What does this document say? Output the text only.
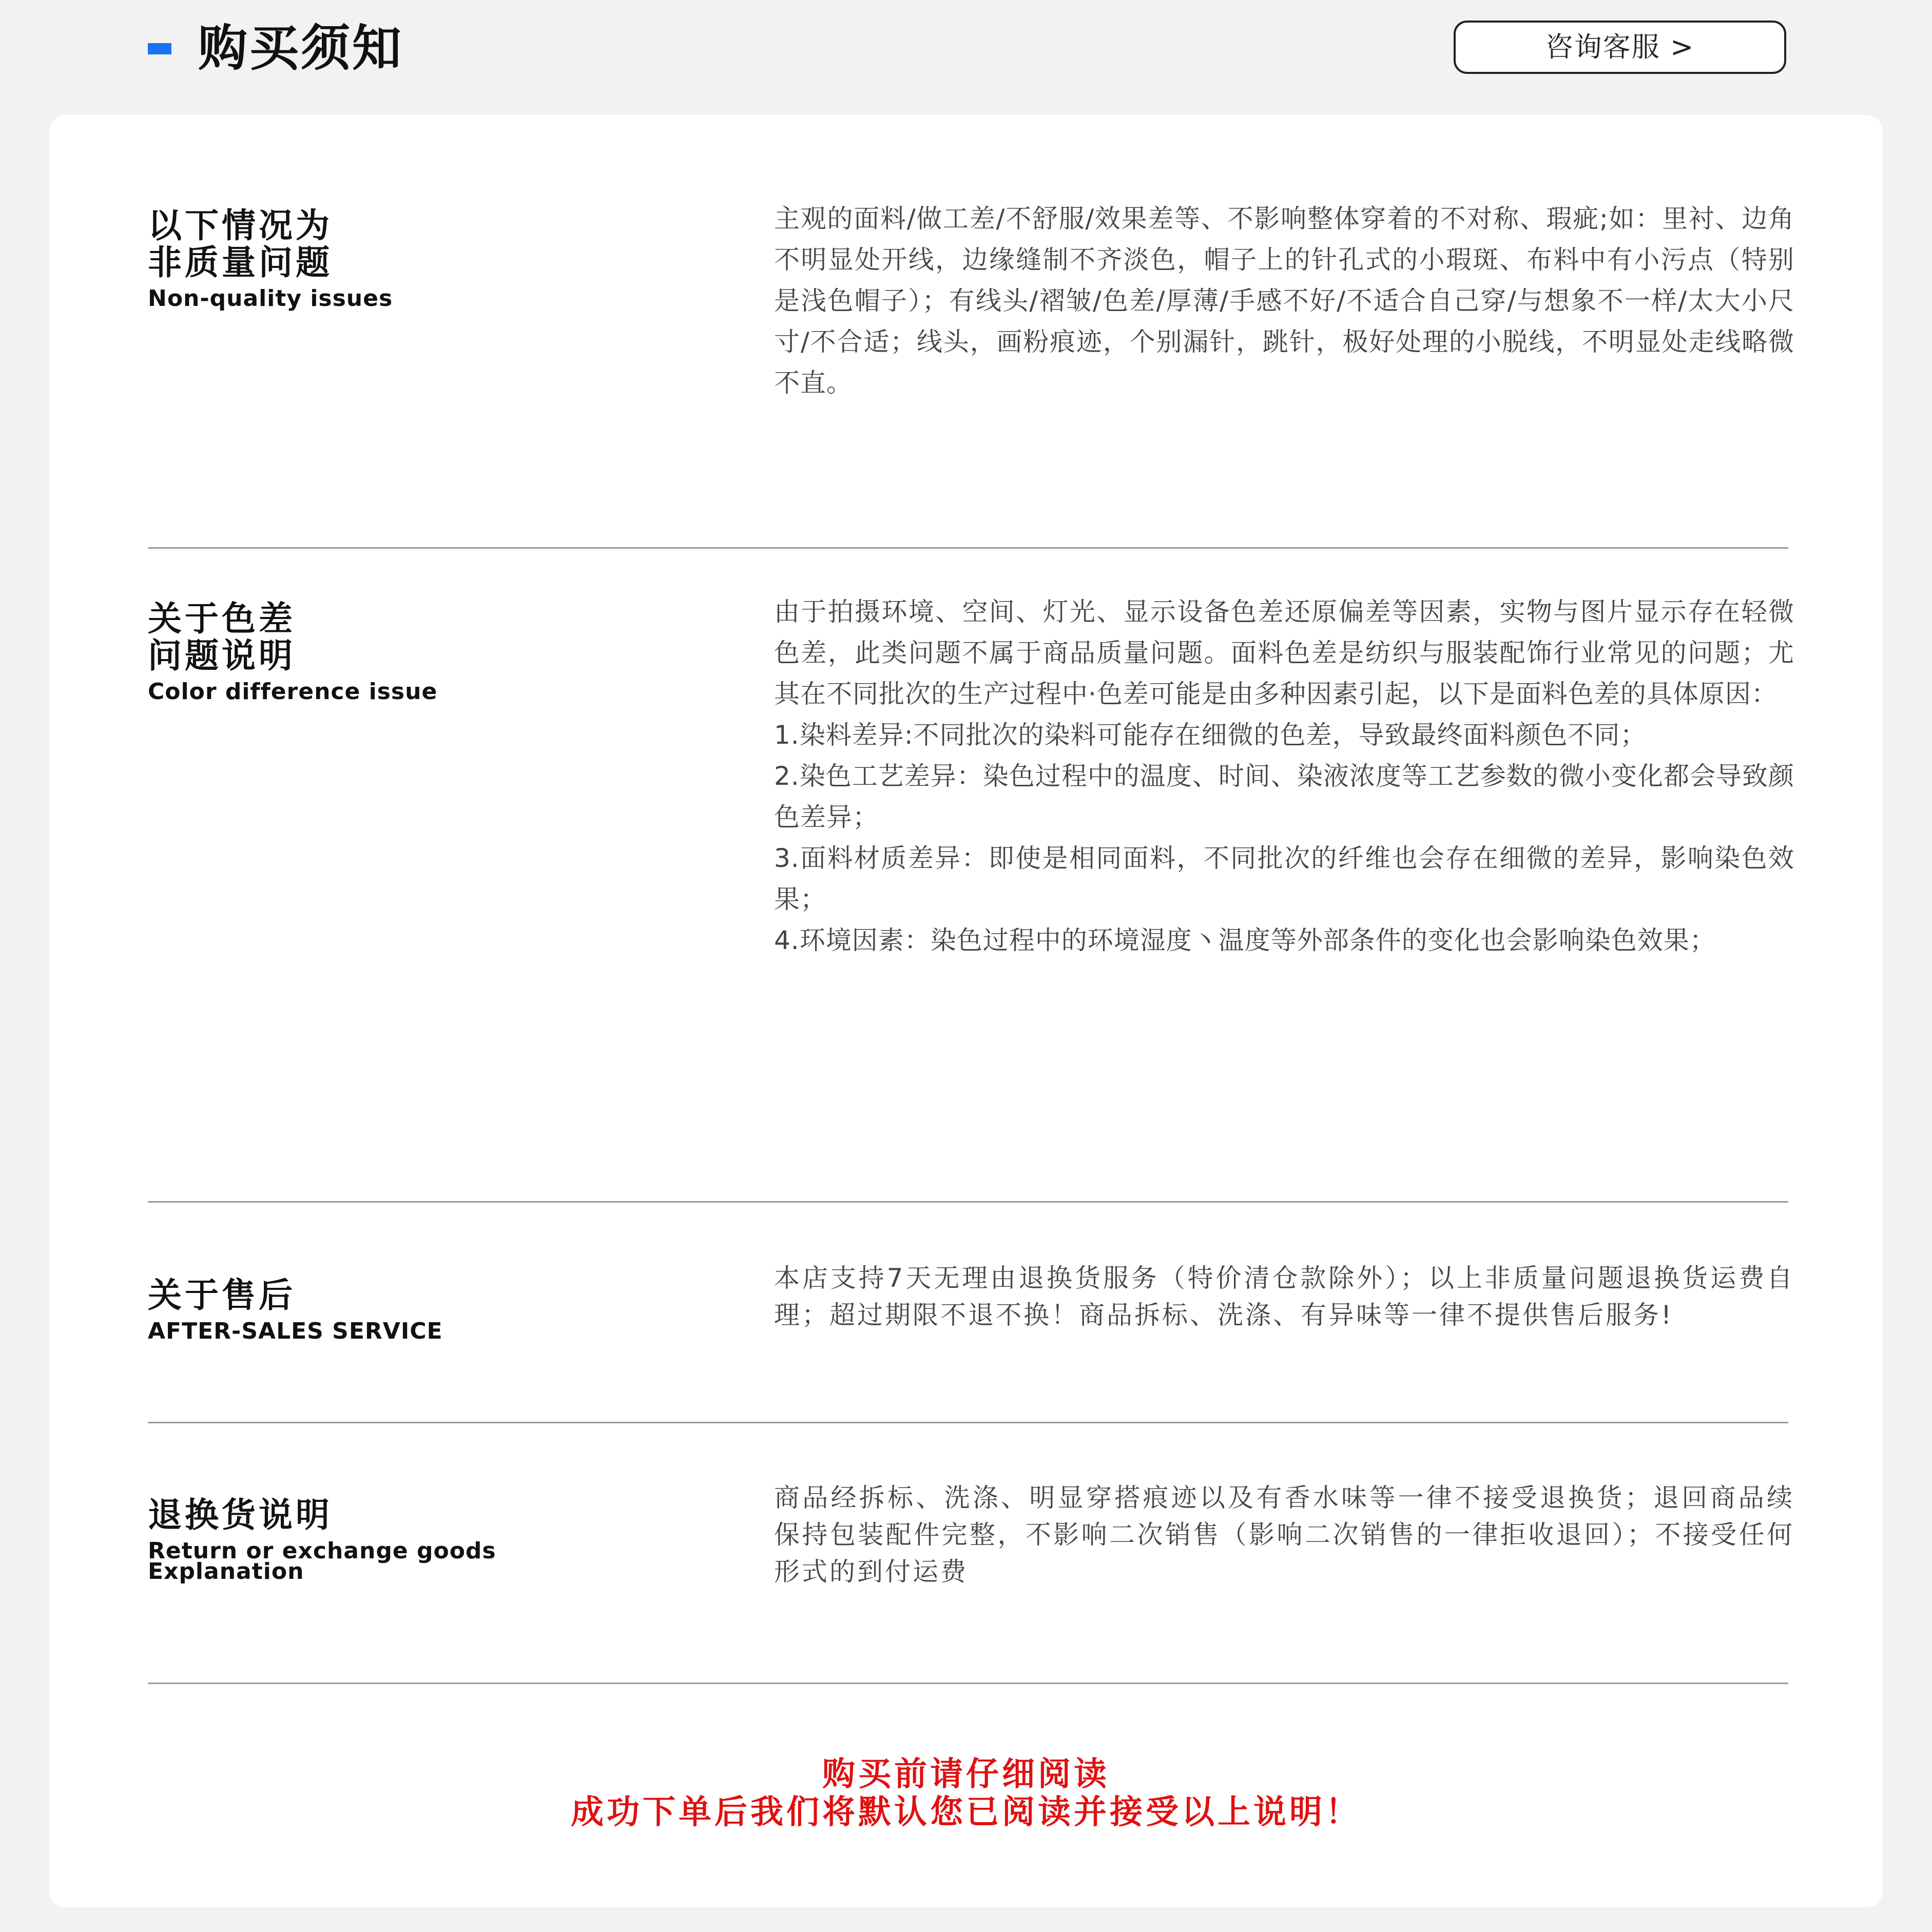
购买须知	咨询客服 >
以下情况为
非质量问题
Non-quality issues

主观的面料/做工差/不舒服/效果差等、不影响整体穿着的不对称、瑕疵;如：里衬、边角不明显处开线，边缘缝制不齐淡色，帽子上的针孔式的小瑕斑、布料中有小污点（特别是浅色帽子）；有线头/褶皱/色差/厚薄/手感不好/不适合自己穿/与想象不一样/太大小尺寸/不合适；线头，画粉痕迹，个别漏针，跳针，极好处理的小脱线，不明显处走线略微不直。

关于色差
问题说明
Color difference issue

由于拍摄环境、空间、灯光、显示设备色差还原偏差等因素，实物与图片显示存在轻微色差，此类问题不属于商品质量问题。面料色差是纺织与服装配饰行业常见的问题；尤其在不同批次的生产过程中·色差可能是由多种因素引起，以下是面料色差的具体原因：

1.染料差异:不同批次的染料可能存在细微的色差，导致最终面料颜色不同；

2.染色工艺差异：染色过程中的温度、时间、染液浓度等工艺参数的微小变化都会导致颜色差异；

3.面料材质差异：即使是相同面料，不同批次的纤维也会存在细微的差异，影响染色效果；

4.环境因素：染色过程中的环境湿度丶温度等外部条件的变化也会影响染色效果；

关于售后
AFTER-SALES SERVICE

本店支持7天无理由退换货服务（特价清仓款除外）；以上非质量问题退换货运费自理；超过期限不退不换！商品拆标、洗涤、有异味等一律不提供售后服务!

退换货说明
Return or exchange goods
Explanation

商品经拆标、洗涤、明显穿搭痕迹以及有香水味等一律不接受退换货；退回商品续保持包装配件完整，不影响二次销售（影响二次销售的一律拒收退回）；不接受任何形式的到付运费

购买前请仔细阅读
成功下单后我们将默认您已阅读并接受以上说明！
